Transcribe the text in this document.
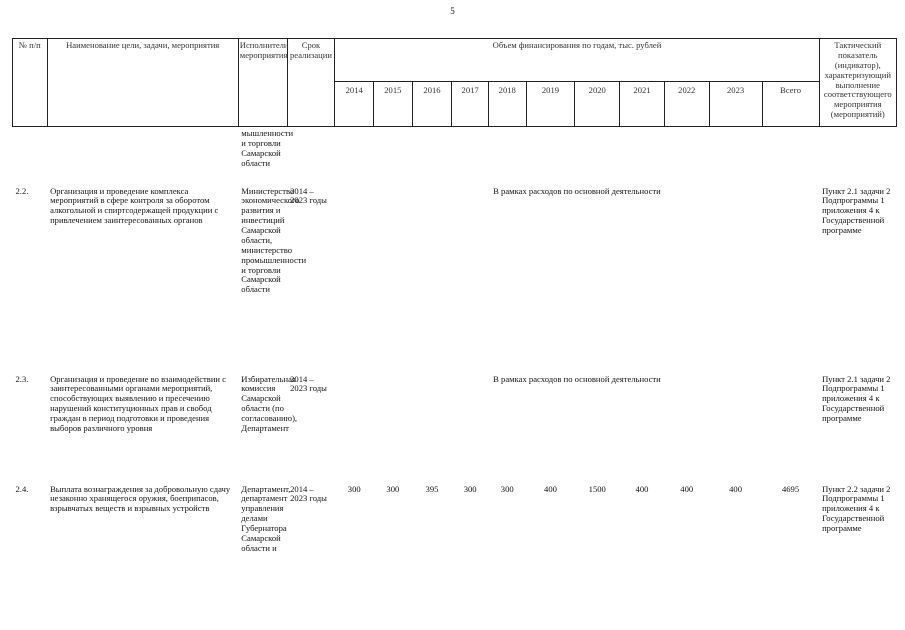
5
№ п/п	Наименование цели, задачи, мероприятия	Исполнители мероприятия	Срок реализации	Объем финансирования по годам, тыс. рублей											Тактический показатель (индикатор), характеризующий выполнение соответствующего мероприятия (мероприятий)
				2014	2015	2016	2017	2018	2019	2020	2021	2022	2023	Всего	
		мышленности и торговли Самарской области													
2.2.	Организация и проведение комплекса мероприятий в сфере контроля за оборотом алкогольной и спиртсодержащей продукции с привлечением заинтересованных органов	Министерство экономического развития и инвестиций Самарской области, министерство промышленности и торговли Самарской области	2014 – 2023 годы	В рамках расходов по основной деятельности											Пункт 2.1 задачи 2 Подпрограммы 1 приложения 4 к Государственной программе
2.3.	Организация и проведение во взаимодействии с заинтересованными органами мероприятий, способствующих выявлению и пресечению нарушений конституционных прав и свобод граждан в период подготовки и проведения выборов различного уровня	Избирательная комиссия Самарской области (по согласованию), Департамент	2014 – 2023 годы	В рамках расходов по основной деятельности											Пункт 2.1 задачи 2 Подпрограммы 1 приложения 4 к Государственной программе
2.4.	Выплата вознаграждения за добровольную сдачу незаконно хранящегося оружия, боеприпасов, взрывчатых веществ и взрывных устройств	Департамент, департамент управления делами Губернатора Самарской области и	2014 – 2023 годы	300	300	395	300	300	400	1500	400	400	400	4695	Пункт 2.2 задачи 2 Подпрограммы 1 приложения 4 к Государственной программе
